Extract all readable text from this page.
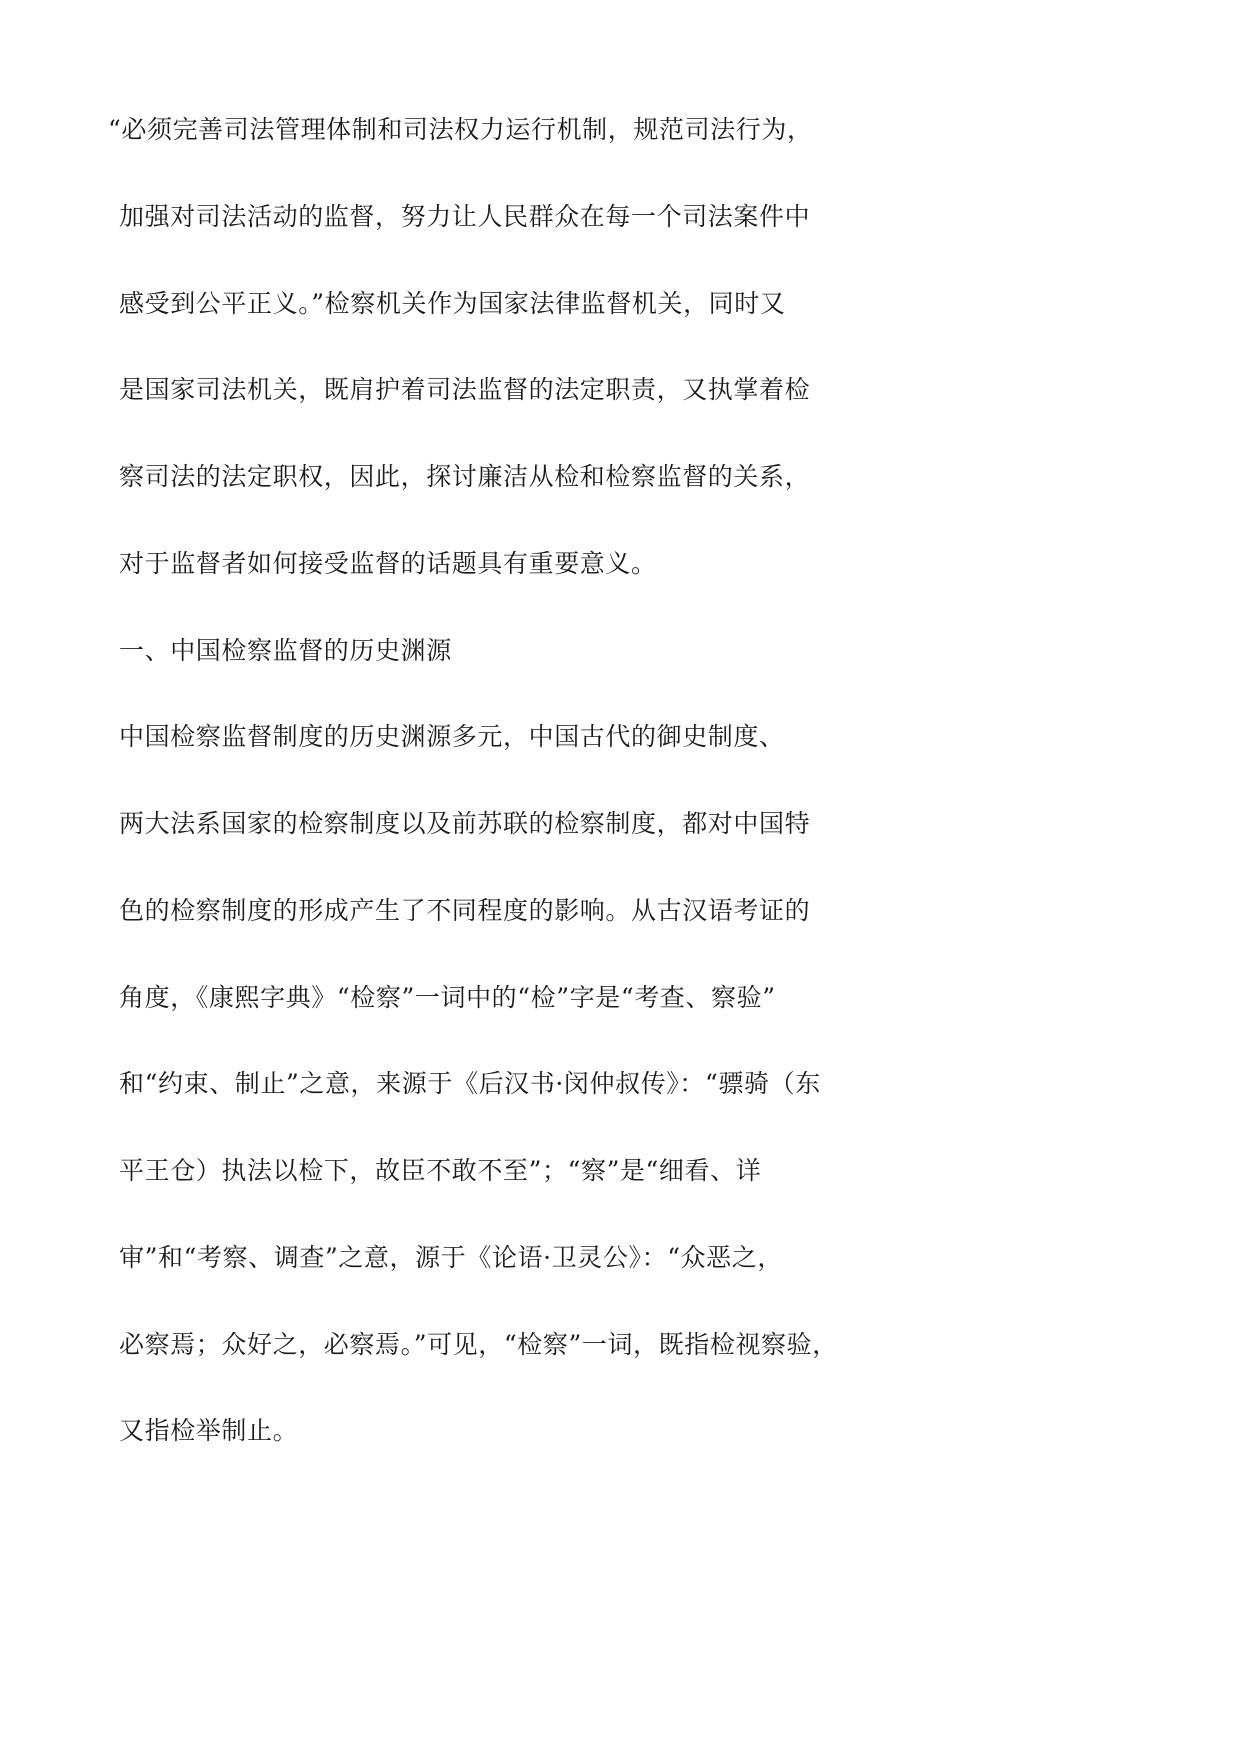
“必须完善司法管理体制和司法权力运行机制，规范司法行为，
加强对司法活动的监督，努力让人民群众在每一个司法案件中
感受到公平正义。”检察机关作为国家法律监督机关，同时又
是国家司法机关，既肩护着司法监督的法定职责，又执掌着检
察司法的法定职权，因此，探讨廉洁从检和检察监督的关系，
对于监督者如何接受监督的话题具有重要意义。
一、中国检察监督的历史渊源
中国检察监督制度的历史渊源多元，中国古代的御史制度、
两大法系国家的检察制度以及前苏联的检察制度，都对中国特
色的检察制度的形成产生了不同程度的影响。从古汉语考证的
角度，《康熙字典》“检察”一词中的“检”字是“考查、察验”
和“约束、制止”之意，来源于《后汉书·闵仲叔传》：“骠骑（东
平王仓）执法以检下，故臣不敢不至”；“察”是“细看、详
审”和“考察、调查”之意，源于《论语·卫灵公》：“众恶之，
必察焉；众好之，必察焉。”可见，“检察”一词，既指检视察验，
又指检举制止。
